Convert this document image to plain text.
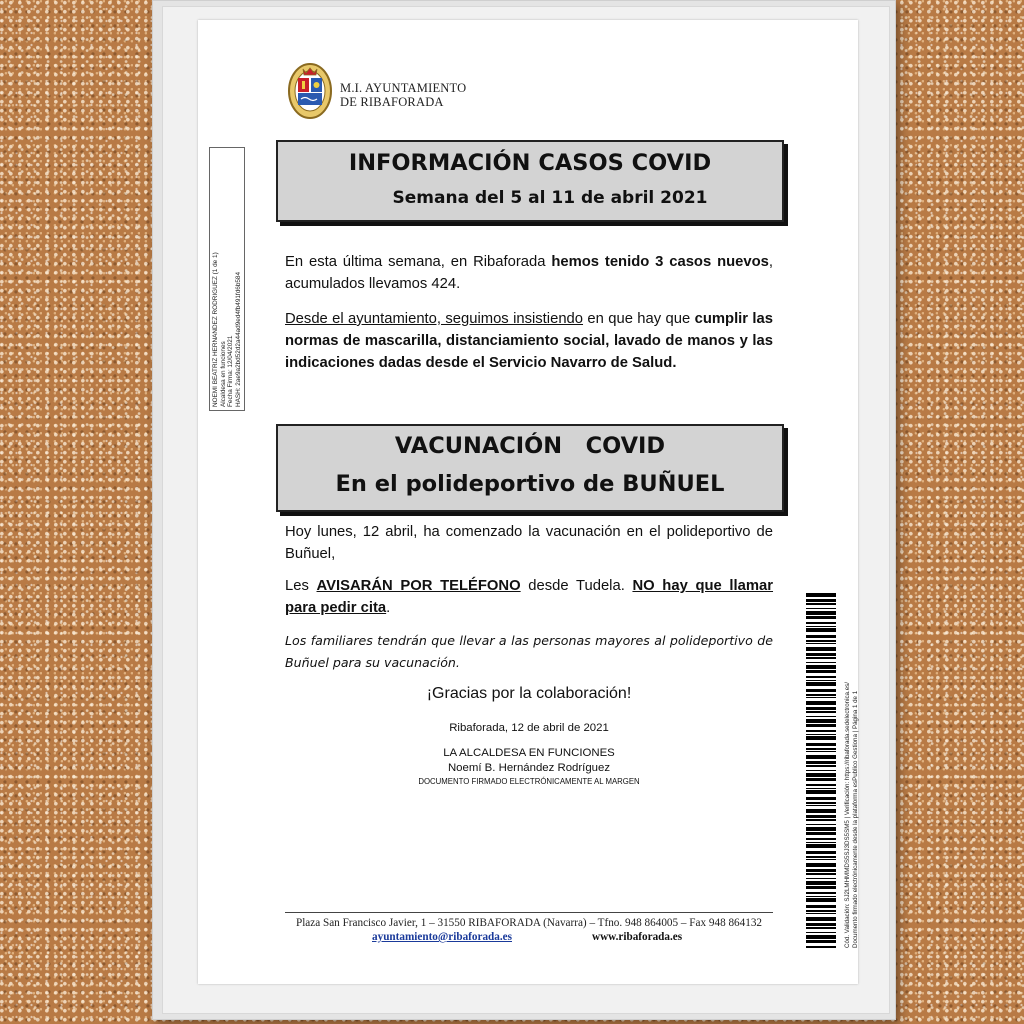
M.I. AYUNTAMIENTO
DE RIBAFORADA
NOEMI BEATRIZ HERNANDEZ RODRIGUEZ (1 de 1) Alcaldesa en funciones Fecha Firma: 12/04/2021 HASH: 2ae9a2bd52d2a44ad9ed4fb491fd6b584
INFORMACIÓN CASOS COVID
Semana del 5 al 11 de abril 2021
En esta última semana, en Ribaforada hemos tenido 3 casos nuevos, acumulados llevamos 424.
Desde el ayuntamiento, seguimos insistiendo en que hay que cumplir las normas de mascarilla, distanciamiento social, lavado de manos y las indicaciones dadas desde el Servicio Navarro de Salud.
VACUNACIÓN   COVID
En el polideportivo de BUÑUEL
Hoy lunes, 12 abril, ha comenzado la vacunación en el polideportivo de Buñuel,
Les AVISARÁN POR TELÉFONO desde Tudela. NO hay que llamar para pedir cita.
Los familiares tendrán que llevar a las personas mayores al polideportivo de Buñuel para su vacunación.
¡Gracias por la colaboración!
Ribaforada, 12 de abril de 2021
LA ALCALDESA EN FUNCIONES
Noemí B. Hernández Rodríguez
DOCUMENTO FIRMADO ELECTRÓNICAMENTE AL MARGEN	Cód. Validación: SJ2LMHMMDS5SJ3DS5SM5 | Verificación: https://ribaforada.sedelectronica.es/ Documento firmado electrónicamente desde la plataforma esPublico Gestiona | Página 1 de 1
Plaza San Francisco Javier, 1 – 31550 RIBAFORADA (Navarra) – Tfno. 948 864005 – Fax 948 864132
ayuntamiento@ribaforada.es	www.ribaforada.es
